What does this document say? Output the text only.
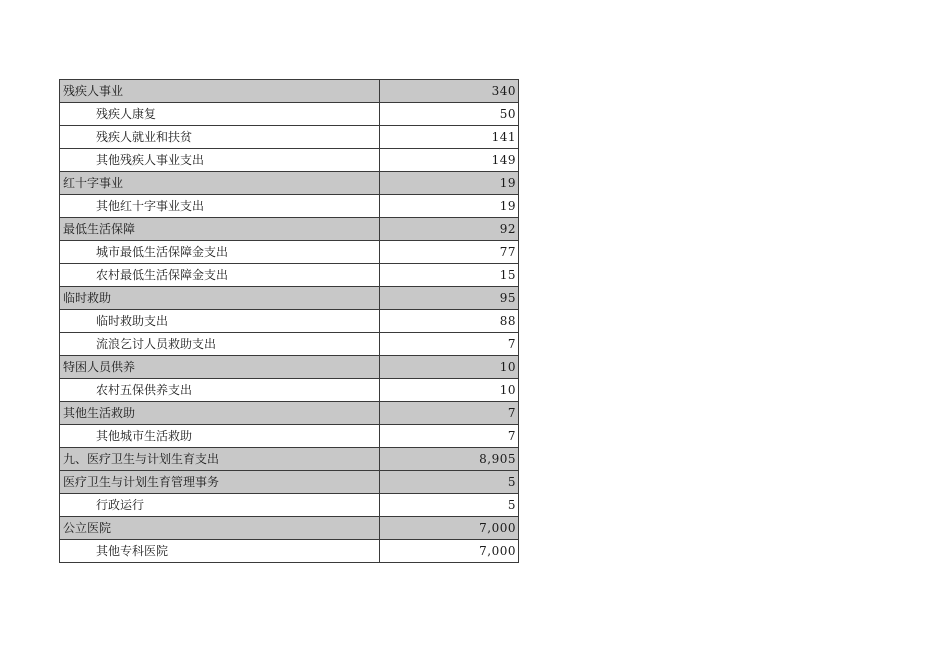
残疾人事业	340
残疾人康复	50
残疾人就业和扶贫	141
其他残疾人事业支出	149
红十字事业	19
其他红十字事业支出	19
最低生活保障	92
城市最低生活保障金支出	77
农村最低生活保障金支出	15
临时救助	95
临时救助支出	88
流浪乞讨人员救助支出	7
特困人员供养	10
农村五保供养支出	10
其他生活救助	7
其他城市生活救助	7
九、医疗卫生与计划生育支出	8,905
医疗卫生与计划生育管理事务	5
行政运行	5
公立医院	7,000
其他专科医院	7,000
